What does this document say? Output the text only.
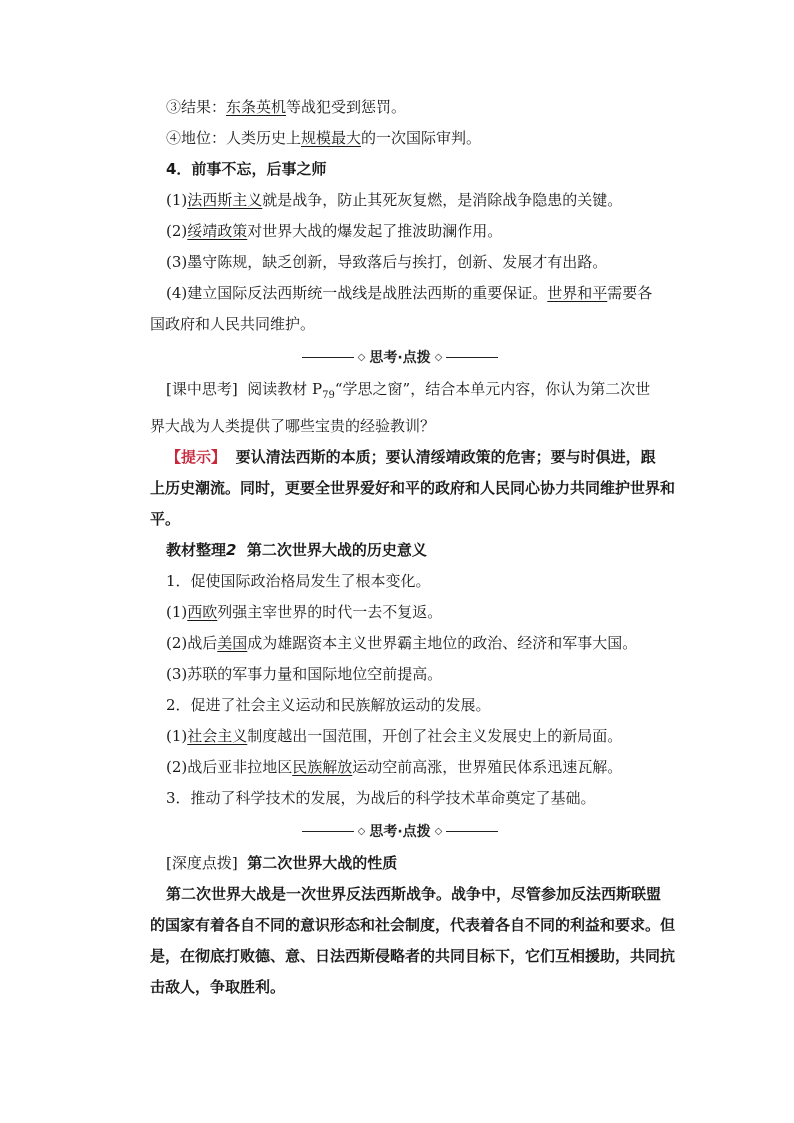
③结果：东条英机等战犯受到惩罚。
④地位：人类历史上规模最大的一次国际审判。
4．前事不忘，后事之师
(1)法西斯主义就是战争，防止其死灰复燃，是消除战争隐患的关键。
(2)绥靖政策对世界大战的爆发起了推波助澜作用。
(3)墨守陈规，缺乏创新，导致落后与挨打，创新、发展才有出路。
(4)建立国际反法西斯统一战线是战胜法西斯的重要保证。世界和平需要各
国政府和人民共同维护。
◇ 思考·点拨 ◇
[课中思考] 阅读教材 $P_{79}“$学思之窗”，结合本单元内容，你认为第二次世
界大战为人类提供了哪些宝贵的经验教训？
【提示】 要认清法西斯的本质；要认清绥靖政策的危害；要与时俱进，跟
上历史潮流。同时，更要全世界爱好和平的政府和人民同心协力共同维护世界和
平。
教材整理2 第二次世界大战的历史意义
1．促使国际政治格局发生了根本变化。
(1)西欧列强主宰世界的时代一去不复返。
(2)战后美国成为雄踞资本主义世界霸主地位的政治、经济和军事大国。
(3)苏联的军事力量和国际地位空前提高。
2．促进了社会主义运动和民族解放运动的发展。
(1)社会主义制度越出一国范围，开创了社会主义发展史上的新局面。
(2)战后亚非拉地区民族解放运动空前高涨，世界殖民体系迅速瓦解。
3．推动了科学技术的发展，为战后的科学技术革命奠定了基础。
◇ 思考·点拨 ◇
[深度点拨] 第二次世界大战的性质
第二次世界大战是一次世界反法西斯战争。战争中，尽管参加反法西斯联盟
的国家有着各自不同的意识形态和社会制度，代表着各自不同的利益和要求。但
是，在彻底打败德、意、日法西斯侵略者的共同目标下，它们互相援助，共同抗
击敌人，争取胜利。
